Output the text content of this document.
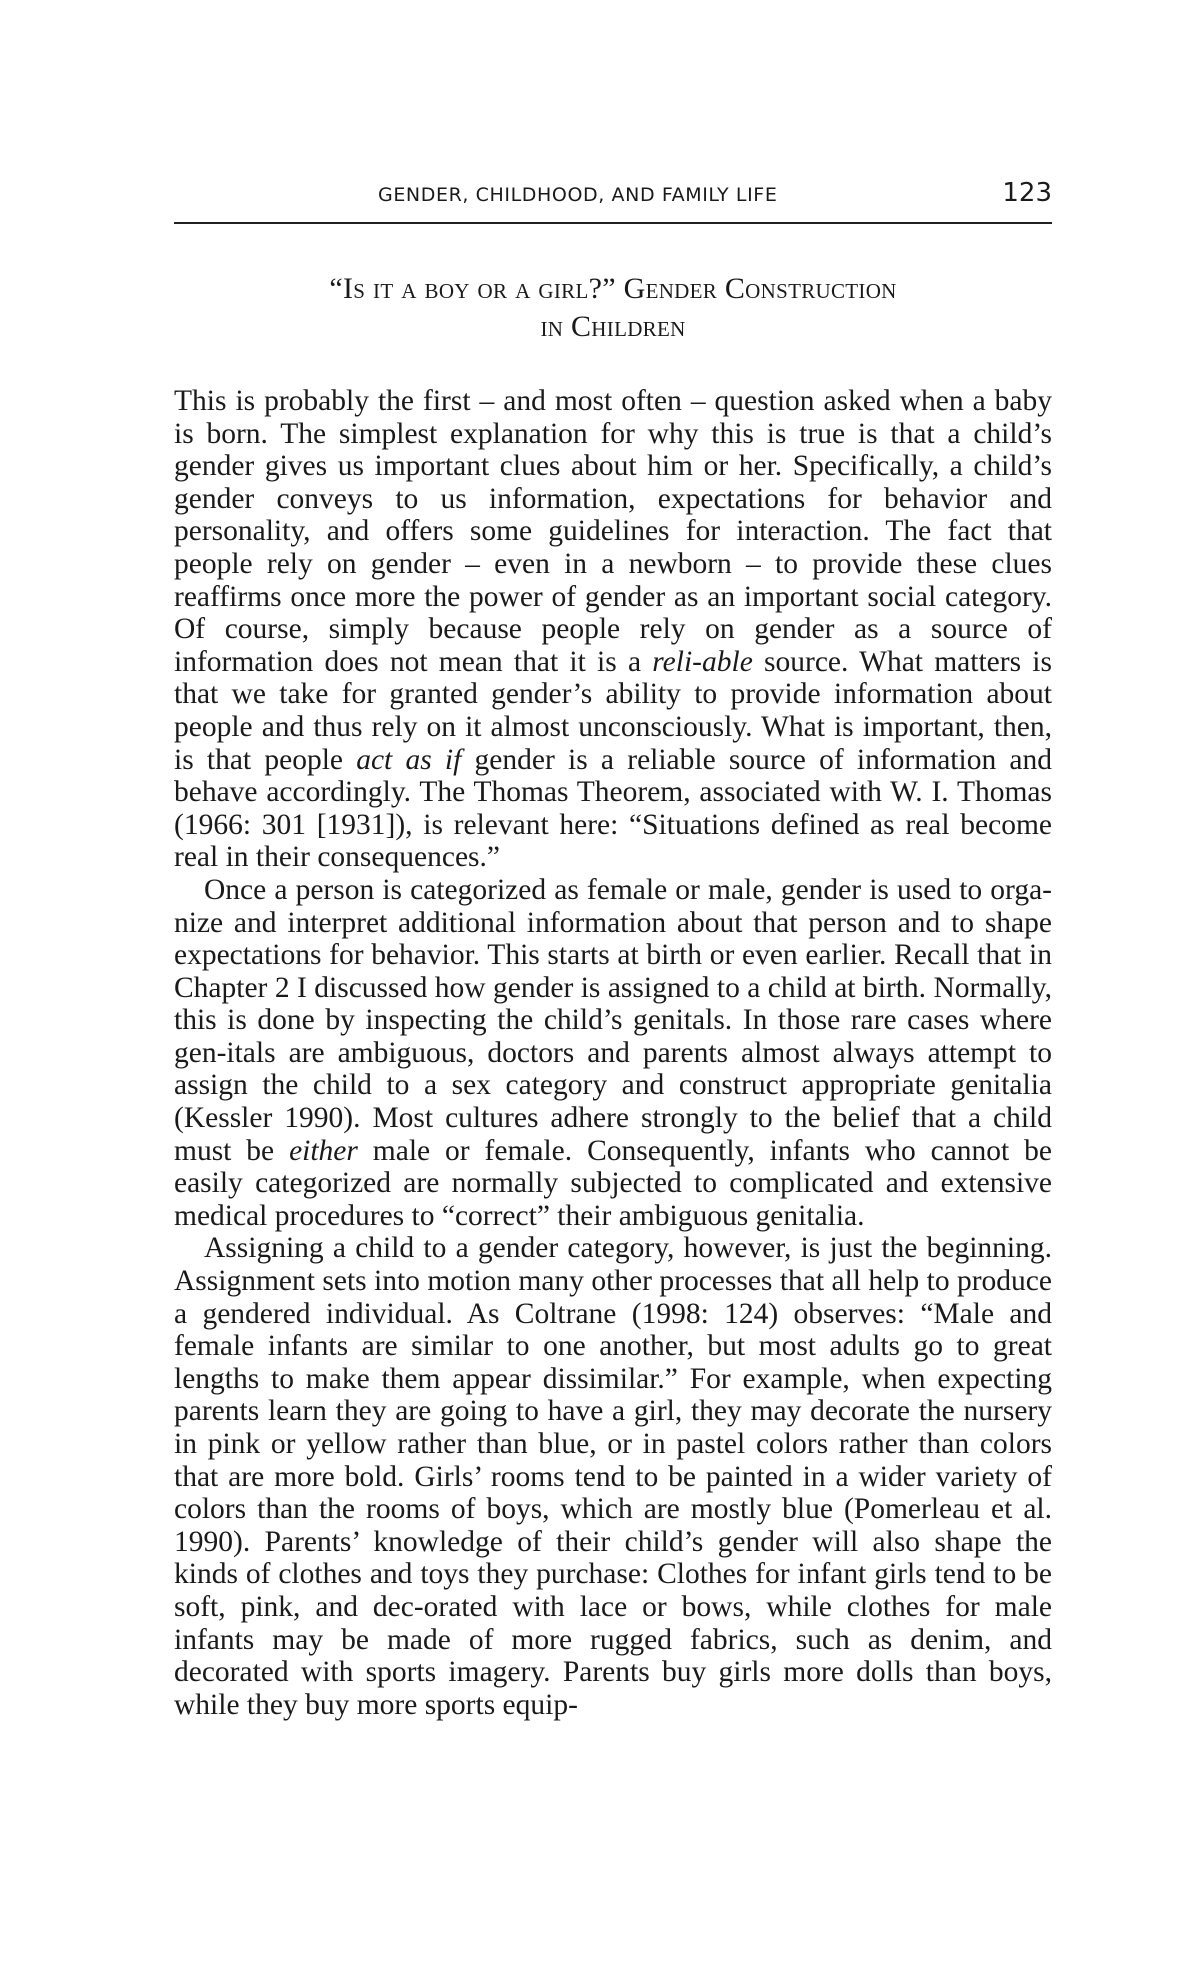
GENDER, CHILDHOOD, AND FAMILY LIFE	123
“Is it a boy or a girl?” Gender Construction
in Children

This is probably the first – and most often – question asked when a baby is born. The simplest explanation for why this is true is that a child’s gender gives us important clues about him or her. Specifically, a child’s gender conveys to us information, expectations for behavior and personality, and offers some guidelines for interaction. The fact that people rely on gender – even in a newborn – to provide these clues reaffirms once more the power of gender as an important social category. Of course, simply because people rely on gender as a source of information does not mean that it is a reli-able source. What matters is that we take for granted gender’s ability to provide information about people and thus rely on it almost unconsciously. What is important, then, is that people act as if gender is a reliable source of information and behave accordingly. The Thomas Theorem, associated with W. I. Thomas (1966: 301 [1931]), is relevant here: “Situations defined as real become real in their consequences.”

Once a person is categorized as female or male, gender is used to orga-nize and interpret additional information about that person and to shape expectations for behavior. This starts at birth or even earlier. Recall that in Chapter 2 I discussed how gender is assigned to a child at birth. Normally, this is done by inspecting the child’s genitals. In those rare cases where gen-itals are ambiguous, doctors and parents almost always attempt to assign the child to a sex category and construct appropriate genitalia (Kessler 1990). Most cultures adhere strongly to the belief that a child must be either male or female. Consequently, infants who cannot be easily categorized are normally subjected to complicated and extensive medical procedures to “correct” their ambiguous genitalia.

Assigning a child to a gender category, however, is just the beginning. Assignment sets into motion many other processes that all help to produce a gendered individual. As Coltrane (1998: 124) observes: “Male and female infants are similar to one another, but most adults go to great lengths to make them appear dissimilar.” For example, when expecting parents learn they are going to have a girl, they may decorate the nursery in pink or yellow rather than blue, or in pastel colors rather than colors that are more bold. Girls’ rooms tend to be painted in a wider variety of colors than the rooms of boys, which are mostly blue (Pomerleau et al. 1990). Parents’ knowledge of their child’s gender will also shape the kinds of clothes and toys they purchase: Clothes for infant girls tend to be soft, pink, and dec-orated with lace or bows, while clothes for male infants may be made of more rugged fabrics, such as denim, and decorated with sports imagery. Parents buy girls more dolls than boys, while they buy more sports equip-
